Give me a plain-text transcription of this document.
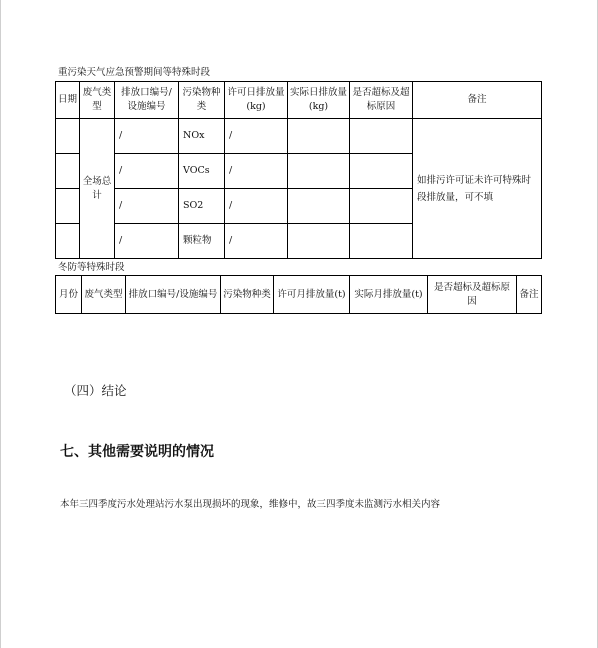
重污染天气应急预警期间等特殊时段
日期	废气类型	排放口编号/设施编号	污染物种类	许可日排放量(kg)	实际日排放量(kg)	是否超标及超标原因	备注
	全场总计	/	NOx	/			如排污许可证未许可特殊时段排放量，可不填
		/	VOCs	/			
		/	SO2	/			
		/	颗粒物	/			
冬防等特殊时段
月份	废气类型	排放口编号/设施编号	污染物种类	许可月排放量(t)	实际月排放量(t)	是否超标及超标原因	备注
（四）结论
七、其他需要说明的情况
本年三四季度污水处理站污水泵出现损坏的现象，维修中，故三四季度未监测污水相关内容
